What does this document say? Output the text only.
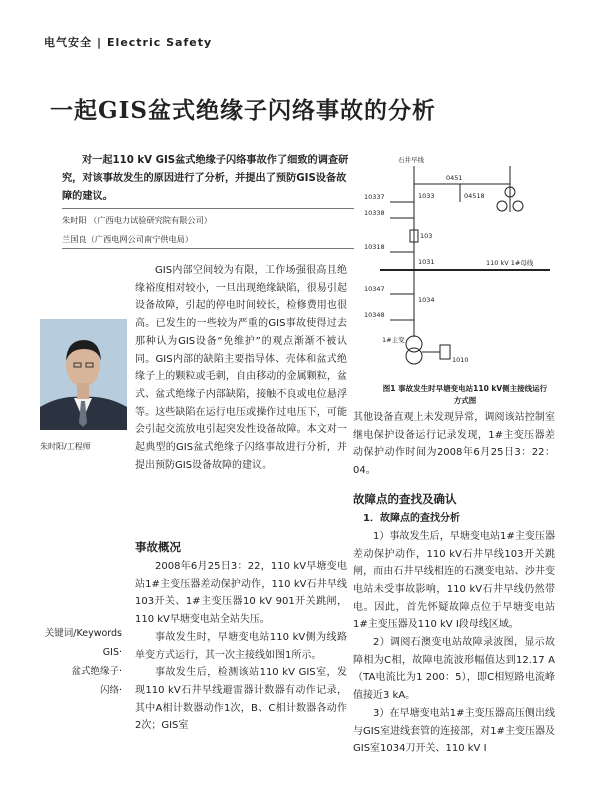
电气安全 | Electric Safety
一起GIS盆式绝缘子闪络事故的分析
对一起110 kV GIS盆式绝缘子闪络事故作了细致的调查研究，对该事故发生的原因进行了分析，并提出了预防GIS设备故障的建议。
朱时阳 （广西电力试验研究院有限公司）
兰国良（广西电网公司南宁供电局）
朱时阳/工程师
关键词/Keywords
GIS·
盆式绝缘子·
闪络·

GIS内部空间较为有限，工作场强很高且绝缘裕度相对较小，一旦出现绝缘缺陷，很易引起设备故障，引起的停电时间较长，检修费用也很高。已发生的一些较为严重的GIS事故使得过去那种认为GIS设备“免维护”的观点渐渐不被认同。GIS内部的缺陷主要指导体、壳体和盆式绝缘子上的颗粒或毛刺，自由移动的金属颗粒，盆式、盆式绝缘子内部缺陷，接触不良或电位悬浮等。这些缺陷在运行电压或操作过电压下，可能会引起交流放电引起突发性设备故障。本文对一起典型的GIS盆式绝缘子闪络事故进行分析，并提出预防GIS设备故障的建议。

事故概况

2008年6月25日3：22，110 kV早塘变电站1#主变压器差动保护动作，110 kV石井早线103开关、1#主变压器10 kV 901开关跳闸，110 kV早塘变电站全站失压。

事故发生时，早塘变电站110 kV侧为线路单变方式运行，其一次主接线如图1所示。

事故发生后，检测该站110 kV GIS室，发现110 kV石井早线避雷器计数器有动作记录，其中A相计数器动作1次，B、C相计数器各动作2次；GIS室

石井早线
10337	1033
0451
04518
10338
103
10318
1031	110 kV 1#母线
10347
1034
10348
1#主变
1010
图1 事故发生时早塘变电站110 kV侧主接线运行方式图

其他设备直观上未发现异常，调阅该站控制室继电保护设备运行记录发现，1#主变压器差动保护动作时间为2008年6月25日3：22：04。

故障点的查找及确认
1．故障点的查找分析

1）事故发生后，早塘变电站1#主变压器差动保护动作，110 kV石井早线103开关跳闸，而由石井早线相连的石澳变电站、沙井变电站未受事故影响，110 kV石井早线仍然带电。因此，首先怀疑故障点位于早塘变电站1#主变压器及110 kV I段母线区域。

2）调阅石澳变电站故障录波图，显示故障相为C相，故障电流波形幅值达到12.17 A（TA电流比为1 200：5），即C相短路电流峰值接近3 kA。

3）在早塘变电站1#主变压器高压侧出线与GIS室进线套管的连接部，对1#主变压器及GIS室1034刀开关、110 kV I
